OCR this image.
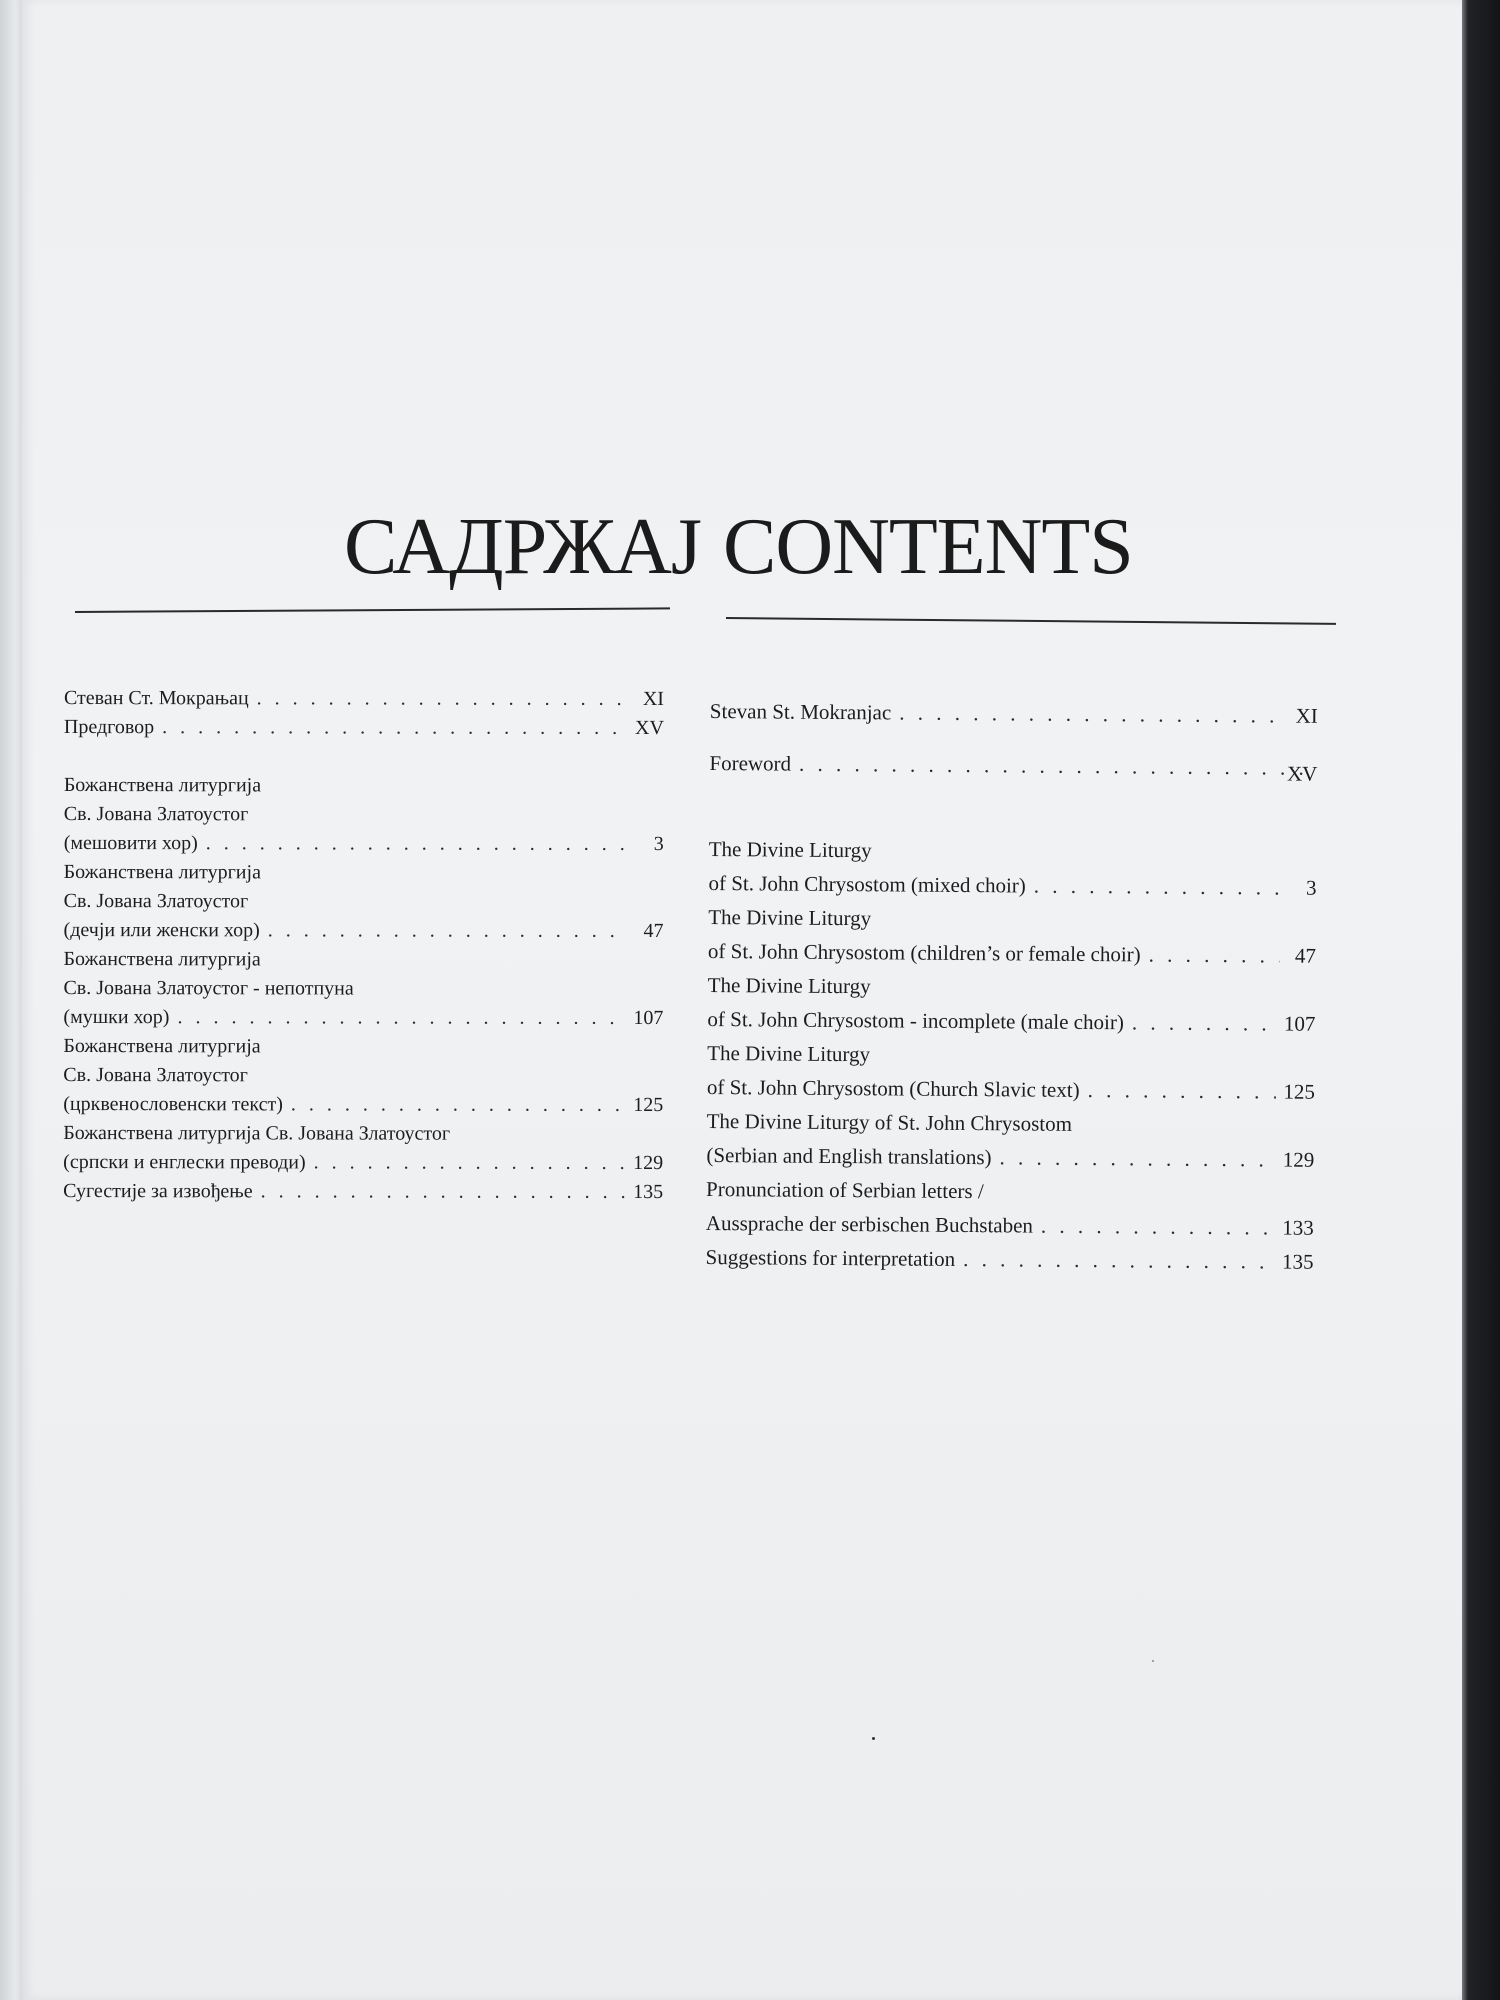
САДРЖАЈ CONTENTS
Стеван Ст. Мокрањац . . .	XI
Предговор . . .	XV
Божанствена литургија
Св. Јована Златоустог
(мешовити хор) . . .	3
Божанствена литургија
Св. Јована Златоустог
(дечји или женски хор) . . .	47
Божанствена литургија
Св. Јована Златоустог - непотпуна
(мушки хор) . . .	107
Божанствена литургија
Св. Јована Златоустог
(црквенословенски текст) . . .	125
Божанствена литургија Св. Јована Златоустог
(српски и енглески преводи) . . .	129
Сугестије за извођење . . .	135
Stevan St. Mokranjac . . .	XI
Foreword . . .	XV
The Divine Liturgy
of St. John Chrysostom (mixed choir) . . .	3
The Divine Liturgy
of St. John Chrysostom (children’s or female choir) . . .	47
The Divine Liturgy
of St. John Chrysostom - incomplete (male choir) . . .	107
The Divine Liturgy
of St. John Chrysostom (Church Slavic text) . . .	125
The Divine Liturgy of St. John Chrysostom
(Serbian and English translations) . . .	129
Pronunciation of Serbian letters /
Aussprache der serbischen Buchstaben . . .	133
Suggestions for interpretation . . .	135
